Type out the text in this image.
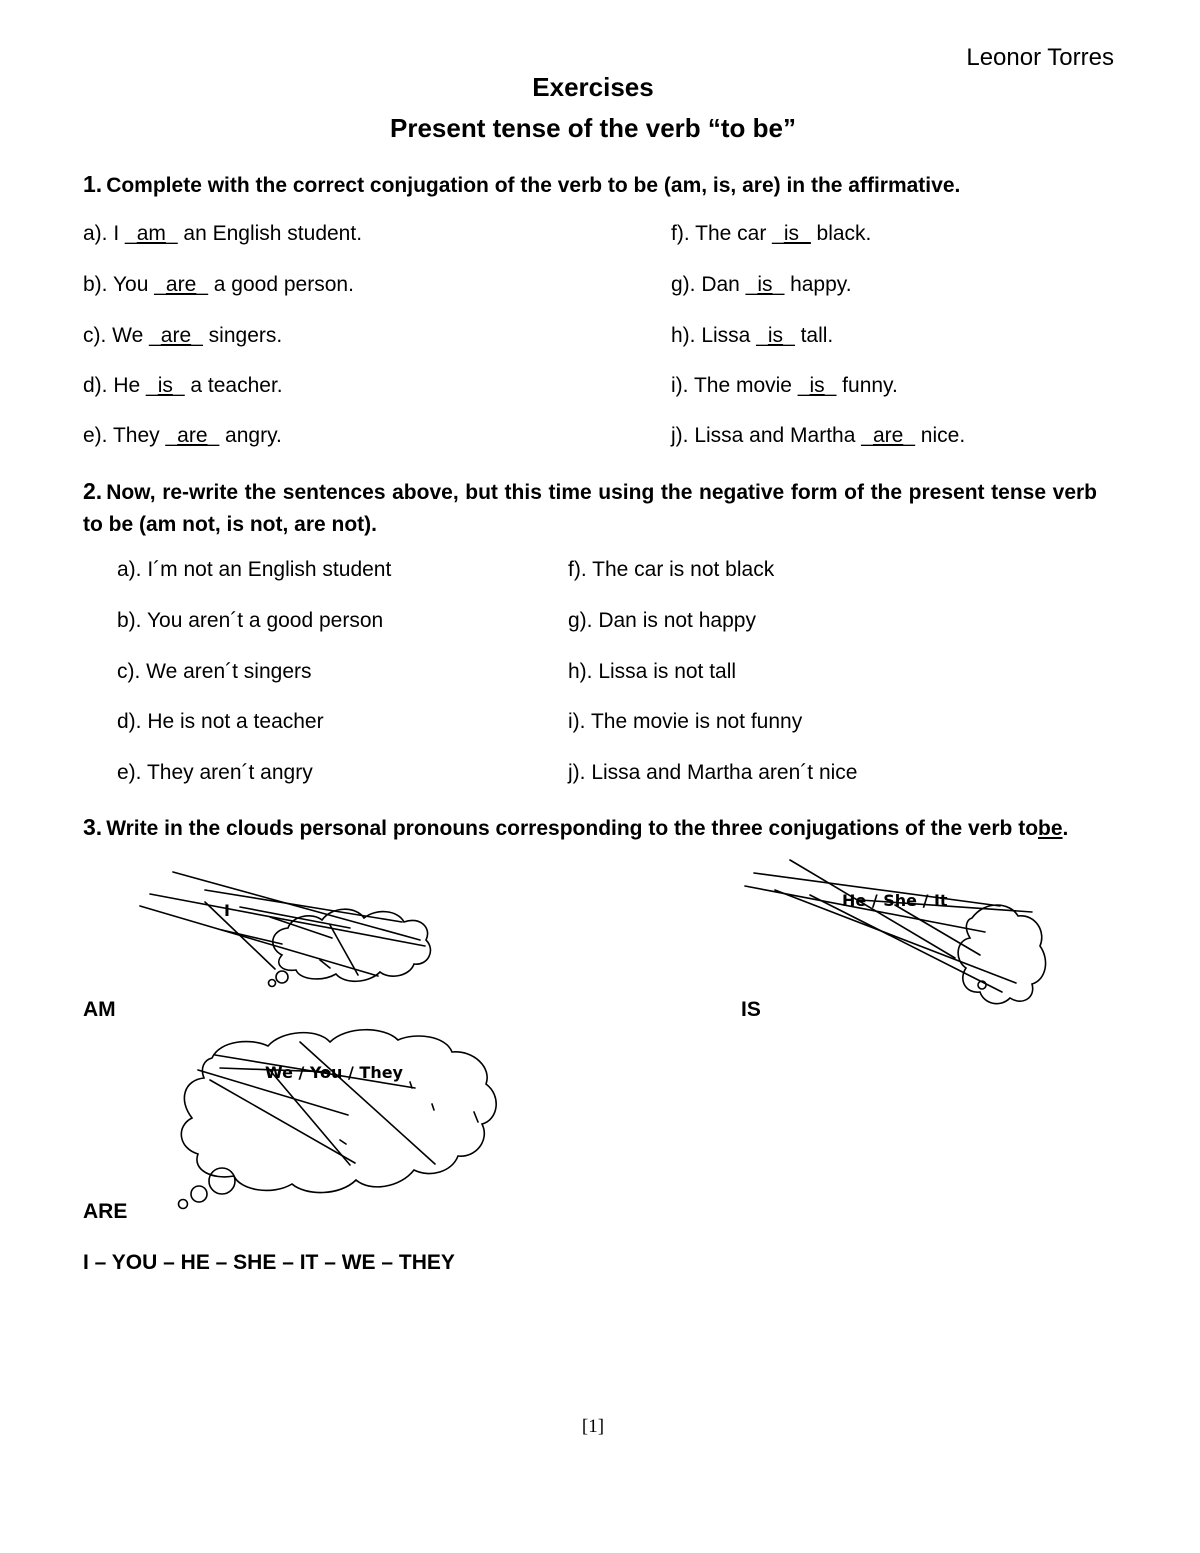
Leonor Torres
Exercises
Present tense of the verb “to be”
1. Complete with the correct conjugation of the verb to be (am, is, are) in the affirmative.
a). I _am_ an English student.
b). You _are_ a good person.
c). We _are_ singers.
d). He _is_ a teacher.
e). They _are_ angry.
f). The car _is_ black.
g). Dan _is_ happy.
h). Lissa _is_ tall.
i). The movie _is_ funny.
j). Lissa and Martha _are_ nice.
2. Now, re-write the sentences above, but this time using the negative form of the present tense verb to be (am not, is not, are not).
a). I´m not an English student
b). You aren´t a good person
c). We aren´t singers
d). He is not a teacher
e). They aren´t angry
f). The car is not black
g). Dan is not happy
h). Lissa is not tall
i). The movie is not funny
j). Lissa and Martha aren´t nice
3. Write in the clouds personal pronouns corresponding to the three conjugations of the verb tobe.
I
He / She / It
We / You / They
AM	IS
ARE
I – YOU – HE – SHE – IT – WE – THEY
[1]
